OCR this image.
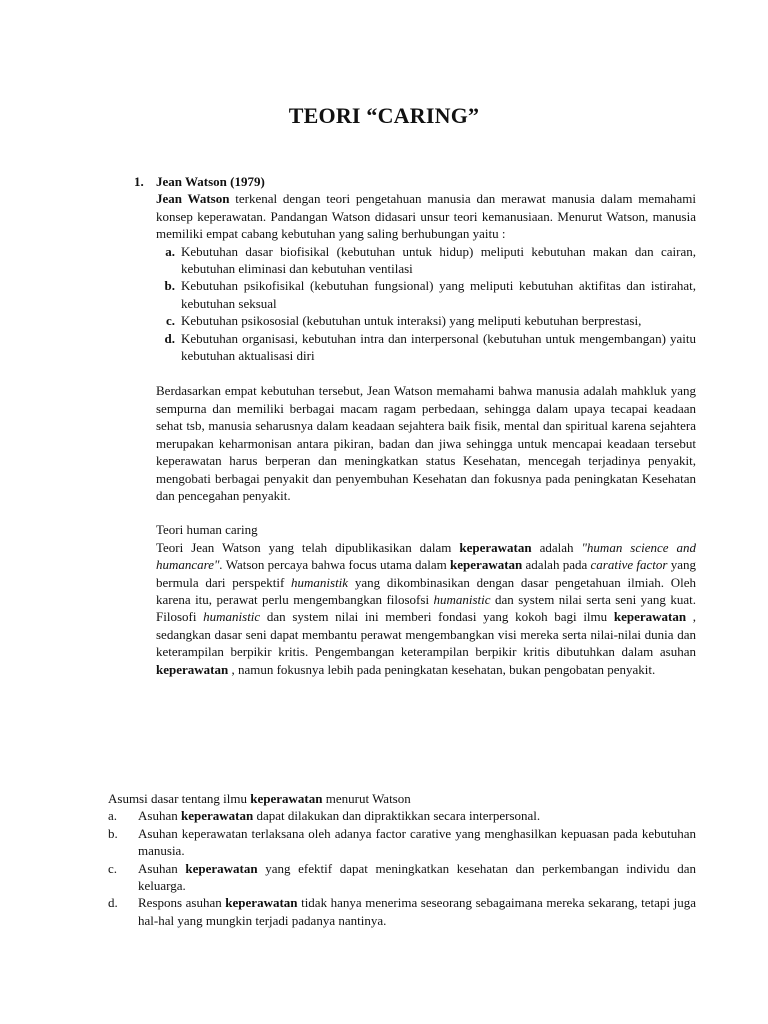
TEORI “CARING”
1. Jean Watson (1979)
Jean Watson terkenal dengan teori pengetahuan manusia dan merawat manusia dalam memahami konsep keperawatan. Pandangan Watson didasari unsur teori kemanusiaan. Menurut Watson, manusia memiliki empat cabang kebutuhan yang saling berhubungan yaitu :
a. Kebutuhan dasar biofisikal (kebutuhan untuk hidup) meliputi kebutuhan makan dan cairan, kebutuhan eliminasi dan kebutuhan ventilasi
b. Kebutuhan psikofisikal (kebutuhan fungsional) yang meliputi kebutuhan aktifitas dan istirahat, kebutuhan seksual
c. Kebutuhan psikososial (kebutuhan untuk interaksi) yang meliputi kebutuhan berprestasi,
d. Kebutuhan organisasi, kebutuhan intra dan interpersonal (kebutuhan untuk mengembangan) yaitu kebutuhan aktualisasi diri
Berdasarkan empat kebutuhan tersebut, Jean Watson memahami bahwa manusia adalah mahkluk yang sempurna dan memiliki berbagai macam ragam perbedaan, sehingga dalam upaya tecapai keadaan sehat tsb, manusia seharusnya dalam keadaan sejahtera baik fisik, mental dan spiritual karena sejahtera merupakan keharmonisan antara pikiran, badan dan jiwa sehingga untuk mencapai keadaan tersebut keperawatan harus berperan dan meningkatkan status Kesehatan, mencegah terjadinya penyakit, mengobati berbagai penyakit dan penyembuhan Kesehatan dan fokusnya pada peningkatan Kesehatan dan pencegahan penyakit.
Teori human caring
Teori Jean Watson yang telah dipublikasikan dalam keperawatan adalah "human science and humancare". Watson percaya bahwa focus utama dalam keperawatan adalah pada carative factor yang bermula dari perspektif humanistik yang dikombinasikan dengan dasar pengetahuan ilmiah. Oleh karena itu, perawat perlu mengembangkan filosofsi humanistic dan system nilai serta seni yang kuat. Filosofi humanistic dan system nilai ini memberi fondasi yang kokoh bagi ilmu keperawatan , sedangkan dasar seni dapat membantu perawat mengembangkan visi mereka serta nilai-nilai dunia dan keterampilan berpikir kritis. Pengembangan keterampilan berpikir kritis dibutuhkan dalam asuhan keperawatan , namun fokusnya lebih pada peningkatan kesehatan, bukan pengobatan penyakit.
Asumsi dasar tentang ilmu keperawatan menurut Watson
a.	Asuhan keperawatan dapat dilakukan dan dipraktikkan secara interpersonal.
b.	Asuhan keperawatan terlaksana oleh adanya factor carative yang menghasilkan kepuasan pada kebutuhan manusia.
c.	Asuhan keperawatan yang efektif dapat meningkatkan kesehatan dan perkembangan individu dan keluarga.
d.	Respons asuhan keperawatan tidak hanya menerima seseorang sebagaimana mereka sekarang, tetapi juga hal-hal yang mungkin terjadi padanya nantinya.
